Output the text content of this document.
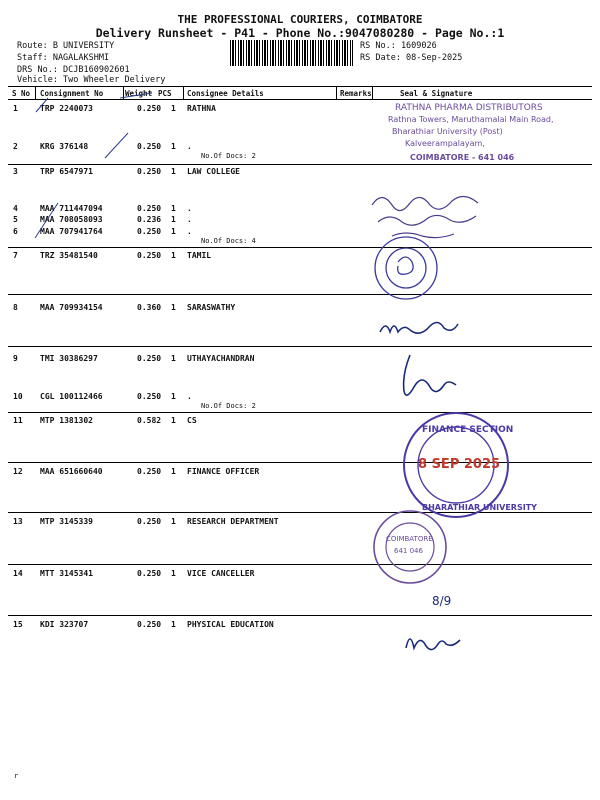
THE PROFESSIONAL COURIERS, COIMBATORE
Delivery Runsheet - P41 - Phone No.:9047080280 - Page No.:1
Route: B UNIVERSITY
Staff: NAGALAKSHMI
DRS No.: DCJB160902601
Vehicle: Two Wheeler Delivery
RS No.: 1609026
RS Date: 08-Sep-2025
S No Consignment No	Weight PCS Consignee Details	Remarks	Seal & Signature
1	TRP 2240073	0.250 1 RATHNA
2	KRG 376148	0.250 1 .
No.Of Docs: 2
3	TRP 6547971	0.250 1 LAW COLLEGE
4	MAA 711447094	0.250 1 .
5	MAA 708058093	0.236 1 .
6	MAA 707941764	0.250 1 .
No.Of Docs: 4
7	TRZ 35481540	0.250 1 TAMIL
8	MAA 709934154	0.360 1 SARASWATHY
9	TMI 30386297	0.250 1 UTHAYACHANDRAN
10 CGL 100112466	0.250 1 .
No.Of Docs: 2
11 MTP 1381302	0.582 1 CS
12 MAA 651660640	0.250 1 FINANCE OFFICER
13 MTP 3145339	0.250 1 RESEARCH DEPARTMENT
14 MTT 3145341	0.250 1 VICE CANCELLER
15 KDI 323707	0.250 1 PHYSICAL EDUCATION
RATHNA PHARMA DISTRIBUTORS
Rathna Towers, Maruthamalai Main Road,
Bharathiar University (Post)
Kalveerampalayam,
COIMBATORE - 641 046
FINANCE SECTION
BHARATHIAR UNIVERSITY
8 SEP 2025
COIMBATORE
641 046
8/9
r
